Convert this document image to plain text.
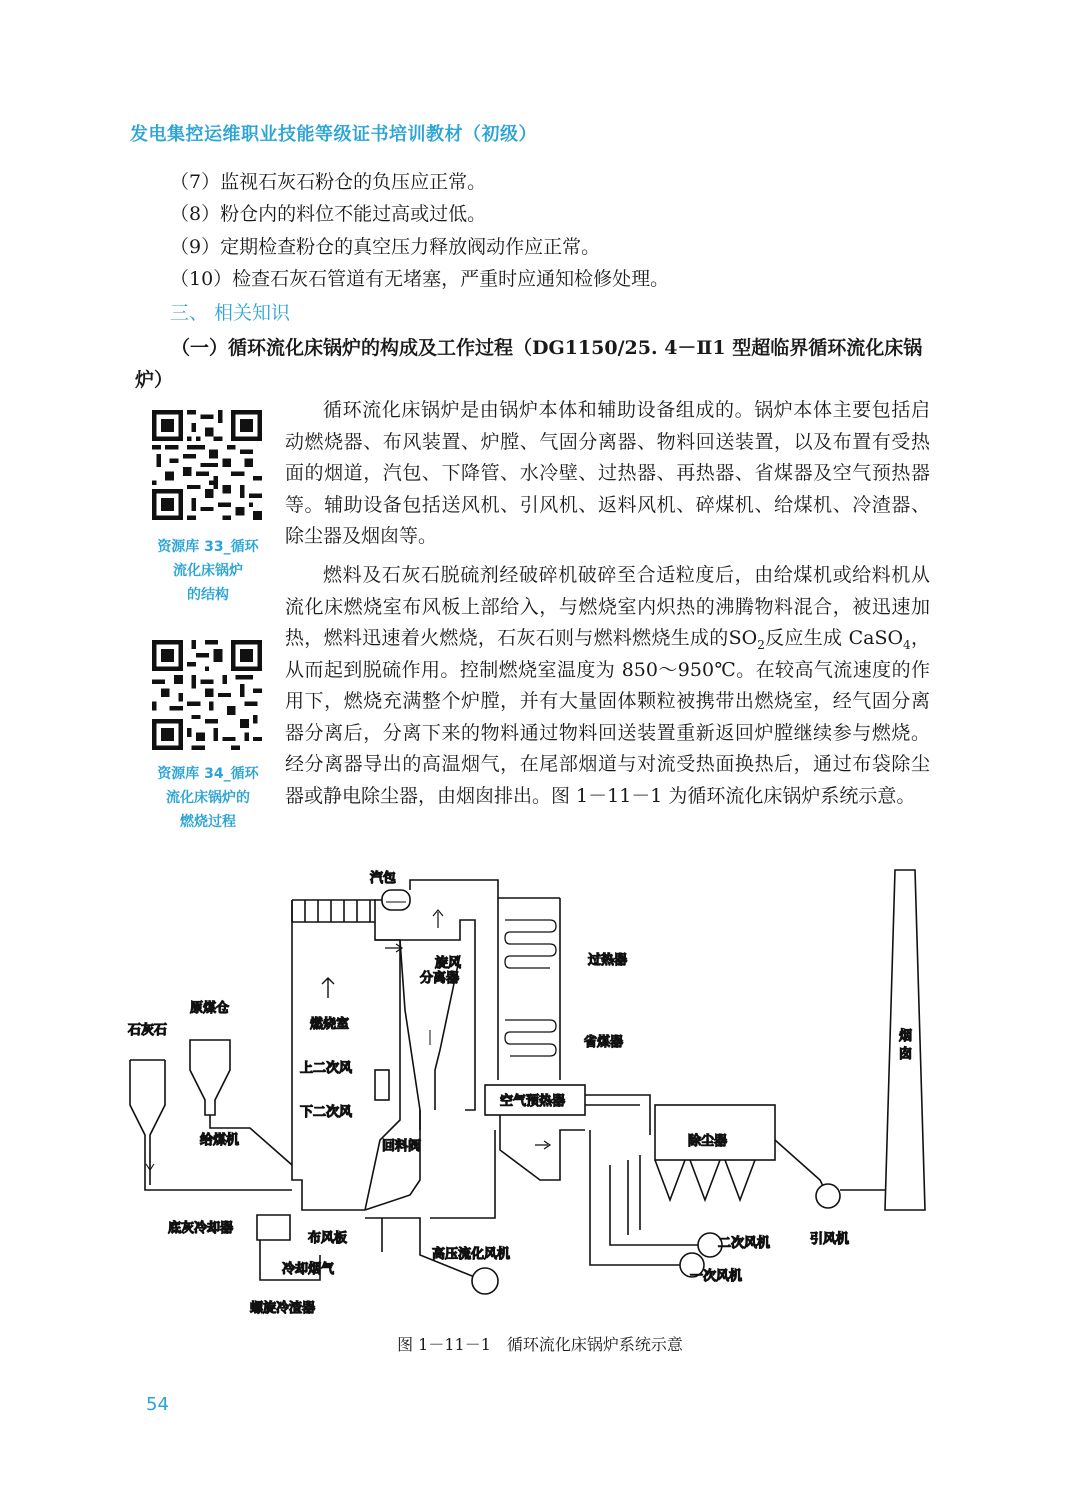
发电集控运维职业技能等级证书培训教材（初级）
（7）监视石灰石粉仓的负压应正常。
（8）粉仓内的料位不能过高或过低。
（9）定期检查粉仓的真空压力释放阀动作应正常。
（10）检查石灰石管道有无堵塞，严重时应通知检修处理。
三、 相关知识
（一）循环流化床锅炉的构成及工作过程（DG1150/25. 4－Ⅱ1 型超临界循环流化床锅炉）
循环流化床锅炉是由锅炉本体和辅助设备组成的。锅炉本体主要包括启动燃烧器、布风装置、炉膛、气固分离器、物料回送装置，以及布置有受热面的烟道，汽包、下降管、水冷壁、过热器、再热器、省煤器及空气预热器等。辅助设备包括送风机、引风机、返料风机、碎煤机、给煤机、冷渣器、除尘器及烟囱等。
燃料及石灰石脱硫剂经破碎机破碎至合适粒度后，由给煤机或给料机从流化床燃烧室布风板上部给入，与燃烧室内炽热的沸腾物料混合，被迅速加热，燃料迅速着火燃烧，石灰石则与燃料燃烧生成的$SO_2$反应生成 CaSO$_4$，从而起到脱硫作用。控制燃烧室温度为 850～950℃。在较高气流速度的作用下，燃烧充满整个炉膛，并有大量固体颗粒被携带出燃烧室，经气固分离器分离后，分离下来的物料通过物料回送装置重新返回炉膛继续参与燃烧。经分离器导出的高温烟气，在尾部烟道与对流受热面换热后，通过布袋除尘器或静电除尘器，由烟囱排出。图 1－11－1 为循环流化床锅炉系统示意。
资源库 33_循环
流化床锅炉
的结构
资源库 34_循环
流化床锅炉的
燃烧过程
汽包
旋风
分离器
过热器
省煤器	烟
囱
原煤仓
石灰石	燃烧室
上二次风
下二次风
空气预热器
除尘器
给煤机	回料阀
底灰冷却器
布风板
高压流化风机
二次风机
一次风机
引风机
冷却烟气
螺旋冷渣器
图 1－11－1　循环流化床锅炉系统示意
54
